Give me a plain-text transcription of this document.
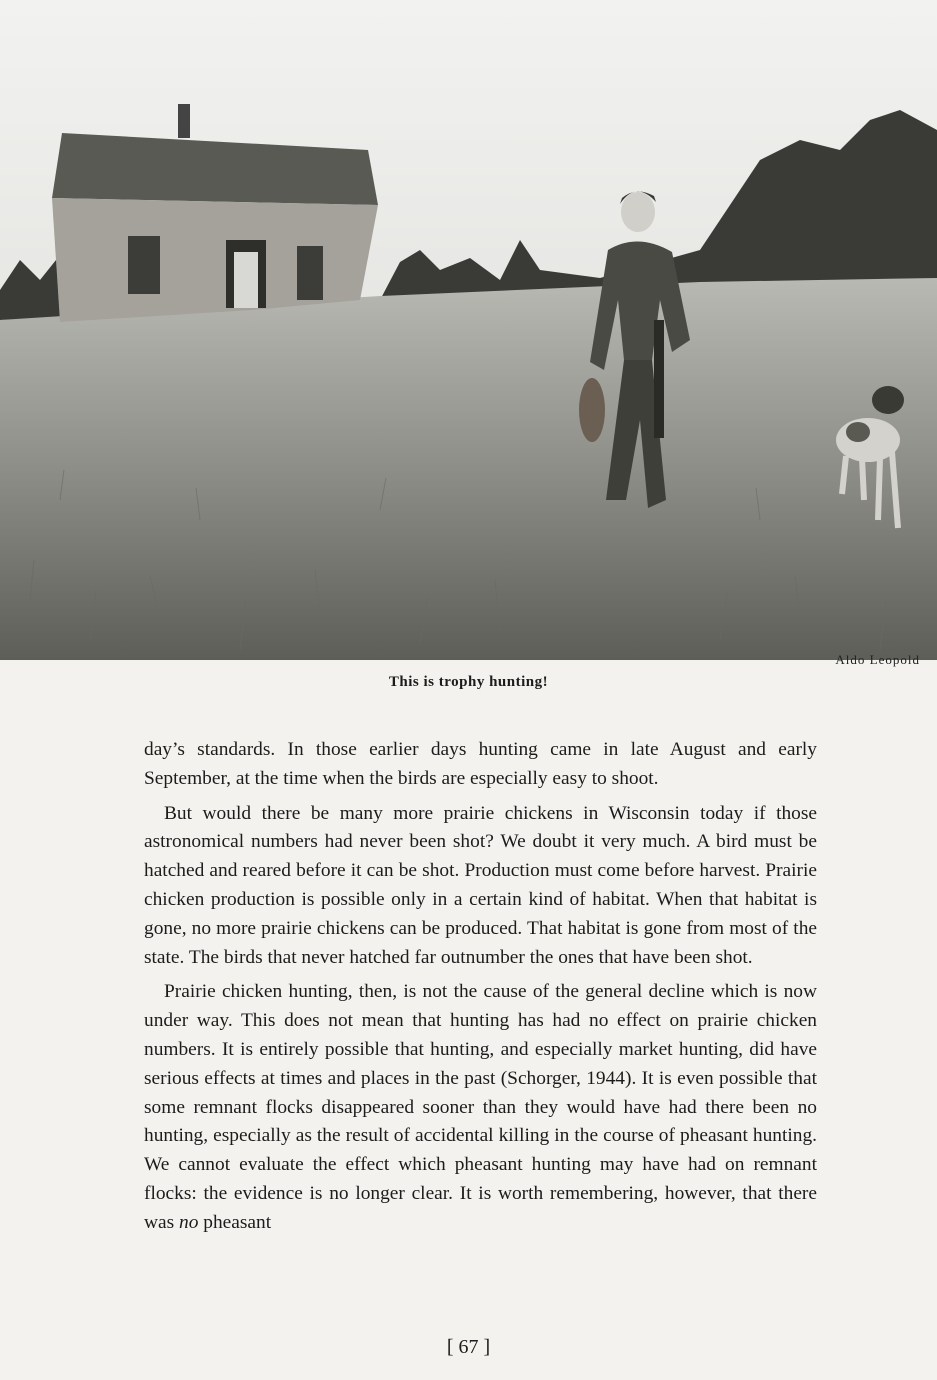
Aldo Leopold
This is trophy hunting!

day’s standards. In those earlier days hunting came in late August and early September, at the time when the birds are especially easy to shoot.

But would there be many more prairie chickens in Wisconsin today if those astronomical numbers had never been shot? We doubt it very much. A bird must be hatched and reared before it can be shot. Production must come before harvest. Prairie chicken production is possible only in a certain kind of habitat. When that habitat is gone, no more prairie chickens can be produced. That habitat is gone from most of the state. The birds that never hatched far outnumber the ones that have been shot.

Prairie chicken hunting, then, is not the cause of the general decline which is now under way. This does not mean that hunting has had no effect on prairie chicken numbers. It is entirely possible that hunting, and especially market hunting, did have serious effects at times and places in the past (Schorger, 1944). It is even possible that some remnant flocks disappeared sooner than they would have had there been no hunting, especially as the result of accidental killing in the course of pheasant hunting. We cannot evaluate the effect which pheasant hunting may have had on remnant flocks: the evidence is no longer clear. It is worth remembering, however, that there was no pheasant

[ 67 ]
